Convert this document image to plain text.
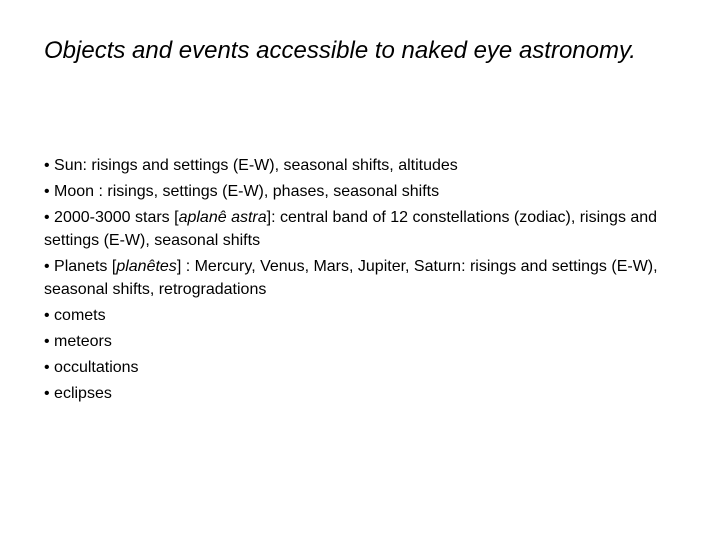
Objects and events accessible to naked eye astronomy.
• Sun: risings and settings (E-W), seasonal shifts, altitudes
• Moon : risings, settings (E-W), phases, seasonal shifts
• 2000-3000 stars [aplanê astra]: central band of 12 constellations (zodiac), risings and settings (E-W), seasonal shifts
• Planets [planêtes] : Mercury, Venus, Mars, Jupiter, Saturn: risings and settings (E-W), seasonal shifts, retrogradations
• comets
• meteors
• occultations
• eclipses
